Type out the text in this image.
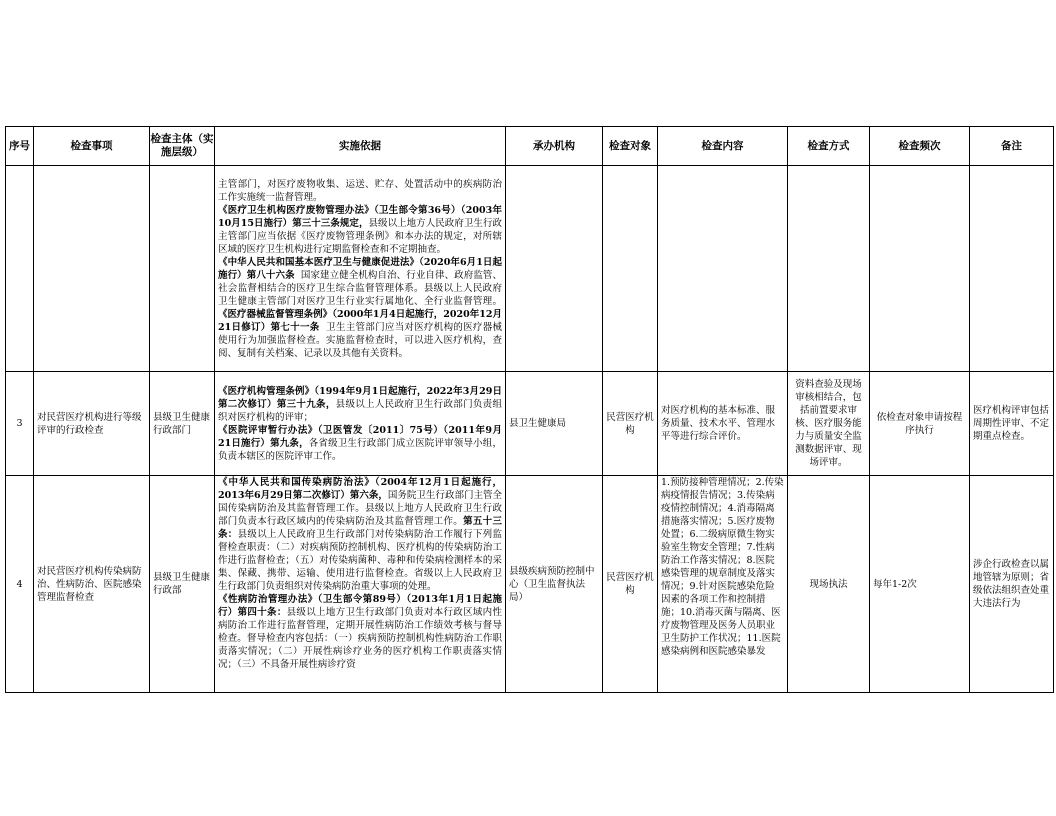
序号	检查事项	检查主体（实施层级）	实施依据	承办机构	检查对象	检查内容	检查方式	检查频次	备注

			主管部门，对医疗废物收集、运送、贮存、处置活动中的疾病防治工作实施统一监督管理。
《医疗卫生机构医疗废物管理办法》（卫生部令第36号）（2003年10月15日施行）第三十三条规定，县级以上地方人民政府卫生行政主管部门应当依据《医疗废物管理条例》和本办法的规定，对所辖区域的医疗卫生机构进行定期监督检查和不定期抽查。
《中华人民共和国基本医疗卫生与健康促进法》（2020年6月1日起施行）第八十六条 国家建立健全机构自治、行业自律、政府监管、社会监督相结合的医疗卫生综合监督管理体系。县级以上人民政府卫生健康主管部门对医疗卫生行业实行属地化、全行业监督管理。《医疗器械监督管理条例》（2000年1月4日起施行，2020年12月21日修订）第七十一条 卫生主管部门应当对医疗机构的医疗器械使用行为加强监督检查。实施监督检查时，可以进入医疗机构，查阅、复制有关档案、记录以及其他有关资料。						

3	对民营医疗机构进行等级评审的行政检查	县级卫生健康行政部门	《医疗机构管理条例》（1994年9月1日起施行，2022年3月29日第二次修订）第三十九条，县级以上人民政府卫生行政部门负责组织对医疗机构的评审；
《医院评审暂行办法》（卫医管发〔2011〕75号）（2011年9月21日施行）第九条，各省级卫生行政部门成立医院评审领导小组，负责本辖区的医院评审工作。	县卫生健康局	民营医疗机构	对医疗机构的基本标准、服务质量、技术水平、管理水平等进行综合评价。	资料查验及现场审核相结合，包括前置要求审核、医疗服务能力与质量安全监测数据评审、现场评审。	依检查对象申请按程序执行	医疗机构评审包括周期性评审、不定期重点检查。
4	对民营医疗机构传染病防治、性病防治、医院感染管理监督检查	县级卫生健康行政部	《中华人民共和国传染病防治法》（2004年12月1日起施行，2013年6月29日第二次修订）第六条，国务院卫生行政部门主管全国传染病防治及其监督管理工作。县级以上地方人民政府卫生行政部门负责本行政区域内的传染病防治及其监督管理工作。第五十三条：县级以上人民政府卫生行政部门对传染病防治工作履行下列监督检查职责：（二）对疾病预防控制机构、医疗机构的传染病防治工作进行监督检查；（五）对传染病菌种、毒种和传染病检测样本的采集、保藏、携带、运输、使用进行监督检查。省级以上人民政府卫生行政部门负责组织对传染病防治重大事项的处理。
《性病防治管理办法》（卫生部令第89号）（2013年1月1日起施行）第四十条：县级以上地方卫生行政部门负责对本行政区域内性病防治工作进行监督管理，定期开展性病防治工作绩效考核与督导检查。督导检查内容包括：（一）疾病预防控制机构性病防治工作职责落实情况；（二）开展性病诊疗业务的医疗机构工作职责落实情况；（三）不具备开展性病诊疗资	县级疾病预防控制中心（卫生监督执法局）	民营医疗机构	1.预防接种管理情况；2.传染病疫情报告情况；3.传染病疫情控制情况；4.消毒隔离措施落实情况；5.医疗废物处置；6.二级病原微生物实验室生物安全管理；7.性病防治工作落实情况；8.医院感染管理的规章制度及落实情况；9.针对医院感染危险因素的各项工作和控制措施；10.消毒灭菌与隔离、医疗废物管理及医务人员职业卫生防护工作状况；11.医院感染病例和医院感染暴发	现场执法	每年1-2次	涉企行政检查以属地管辖为原则；省级依法组织查处重大违法行为
